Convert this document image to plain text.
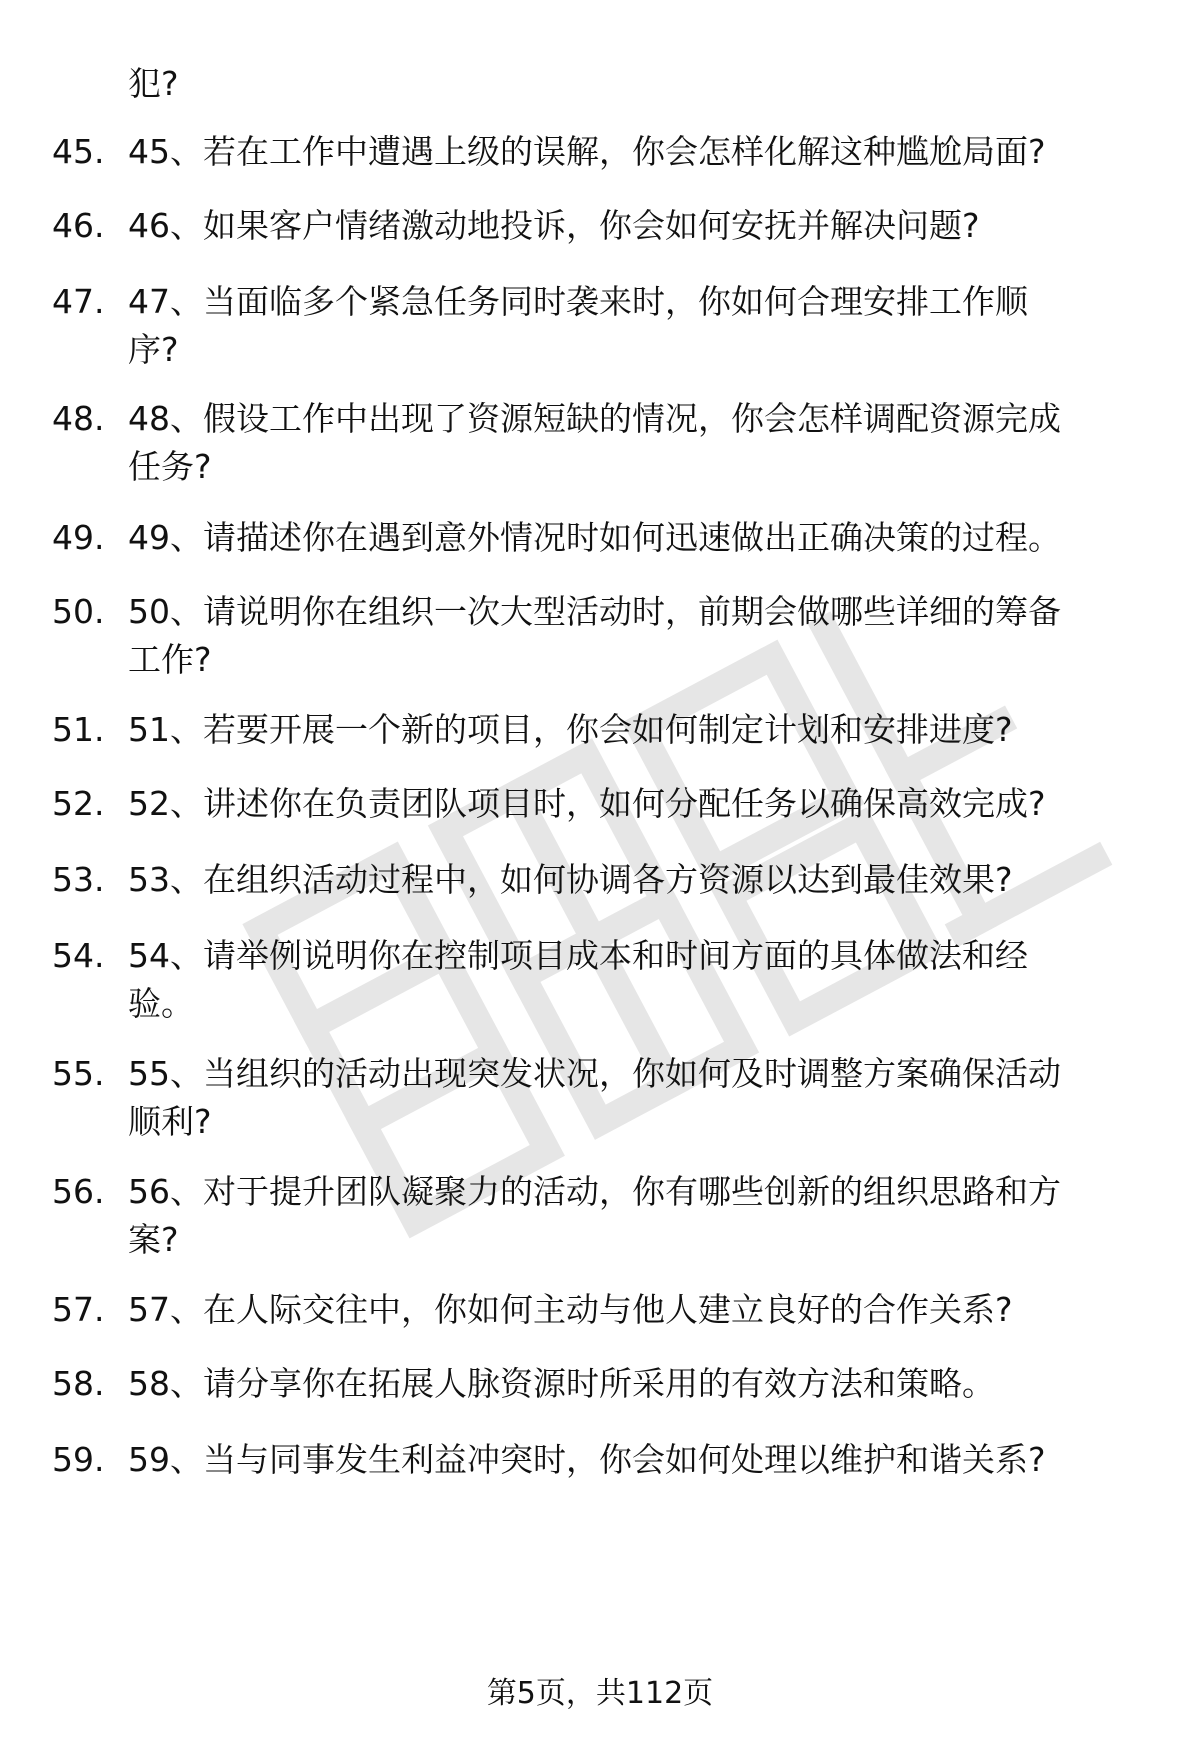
犯?
45. 45、若在工作中遭遇上级的误解，你会怎样化解这种尴尬局面?
46. 46、如果客户情绪激动地投诉，你会如何安抚并解决问题?
47. 47、当面临多个紧急任务同时袭来时，你如何合理安排工作顺
序?
48. 48、假设工作中出现了资源短缺的情况，你会怎样调配资源完成
任务?
49. 49、请描述你在遇到意外情况时如何迅速做出正确决策的过程。
50. 50、请说明你在组织一次大型活动时，前期会做哪些详细的筹备
工作?
51. 51、若要开展一个新的项目，你会如何制定计划和安排进度?
52. 52、讲述你在负责团队项目时，如何分配任务以确保高效完成?
53. 53、在组织活动过程中，如何协调各方资源以达到最佳效果?
54. 54、请举例说明你在控制项目成本和时间方面的具体做法和经
验。
55. 55、当组织的活动出现突发状况，你如何及时调整方案确保活动
顺利?
56. 56、对于提升团队凝聚力的活动，你有哪些创新的组织思路和方
案?
57. 57、在人际交往中，你如何主动与他人建立良好的合作关系?
58. 58、请分享你在拓展人脉资源时所采用的有效方法和策略。
59. 59、当与同事发生利益冲突时，你会如何处理以维护和谐关系?
第5页，共112页
